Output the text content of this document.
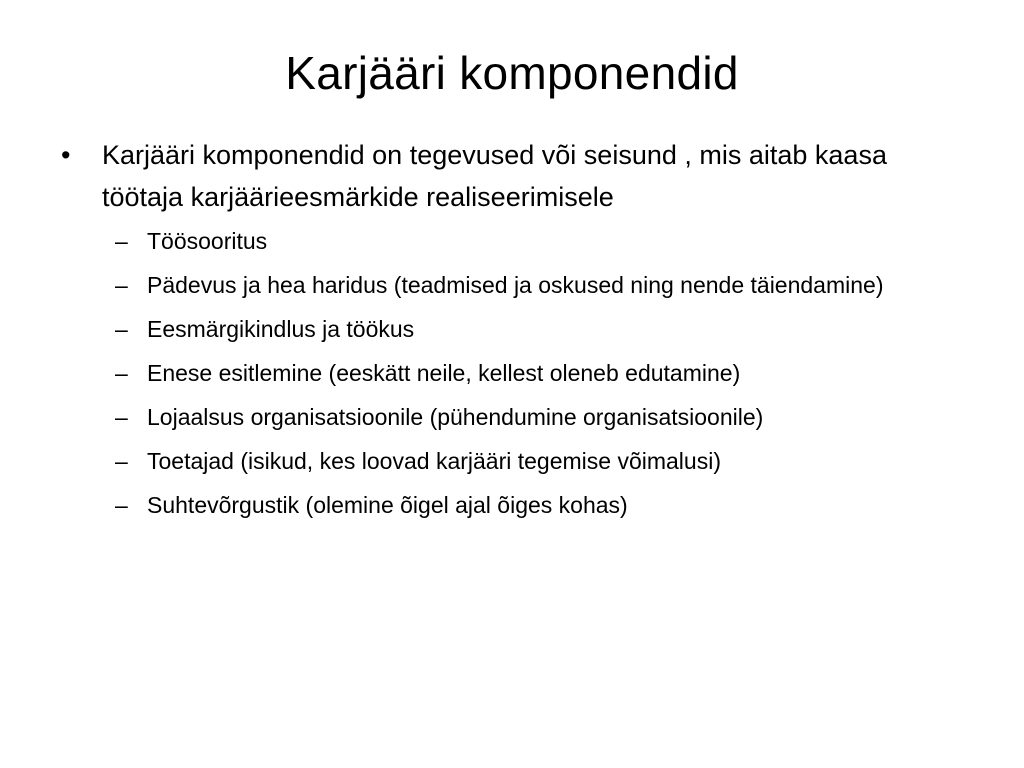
Karjääri komponendid
• Karjääri komponendid on tegevused või seisund , mis aitab kaasa töötaja karjäärieesmärkide realiseerimisele
– Töösooritus
– Pädevus ja hea haridus (teadmised ja oskused ning nende täiendamine)
– Eesmärgikindlus ja töökus
– Enese esitlemine (eeskätt neile, kellest oleneb edutamine)
– Lojaalsus organisatsioonile (pühendumine organisatsioonile)
– Toetajad (isikud, kes loovad karjääri tegemise võimalusi)
– Suhtevõrgustik (olemine õigel ajal õiges kohas)
